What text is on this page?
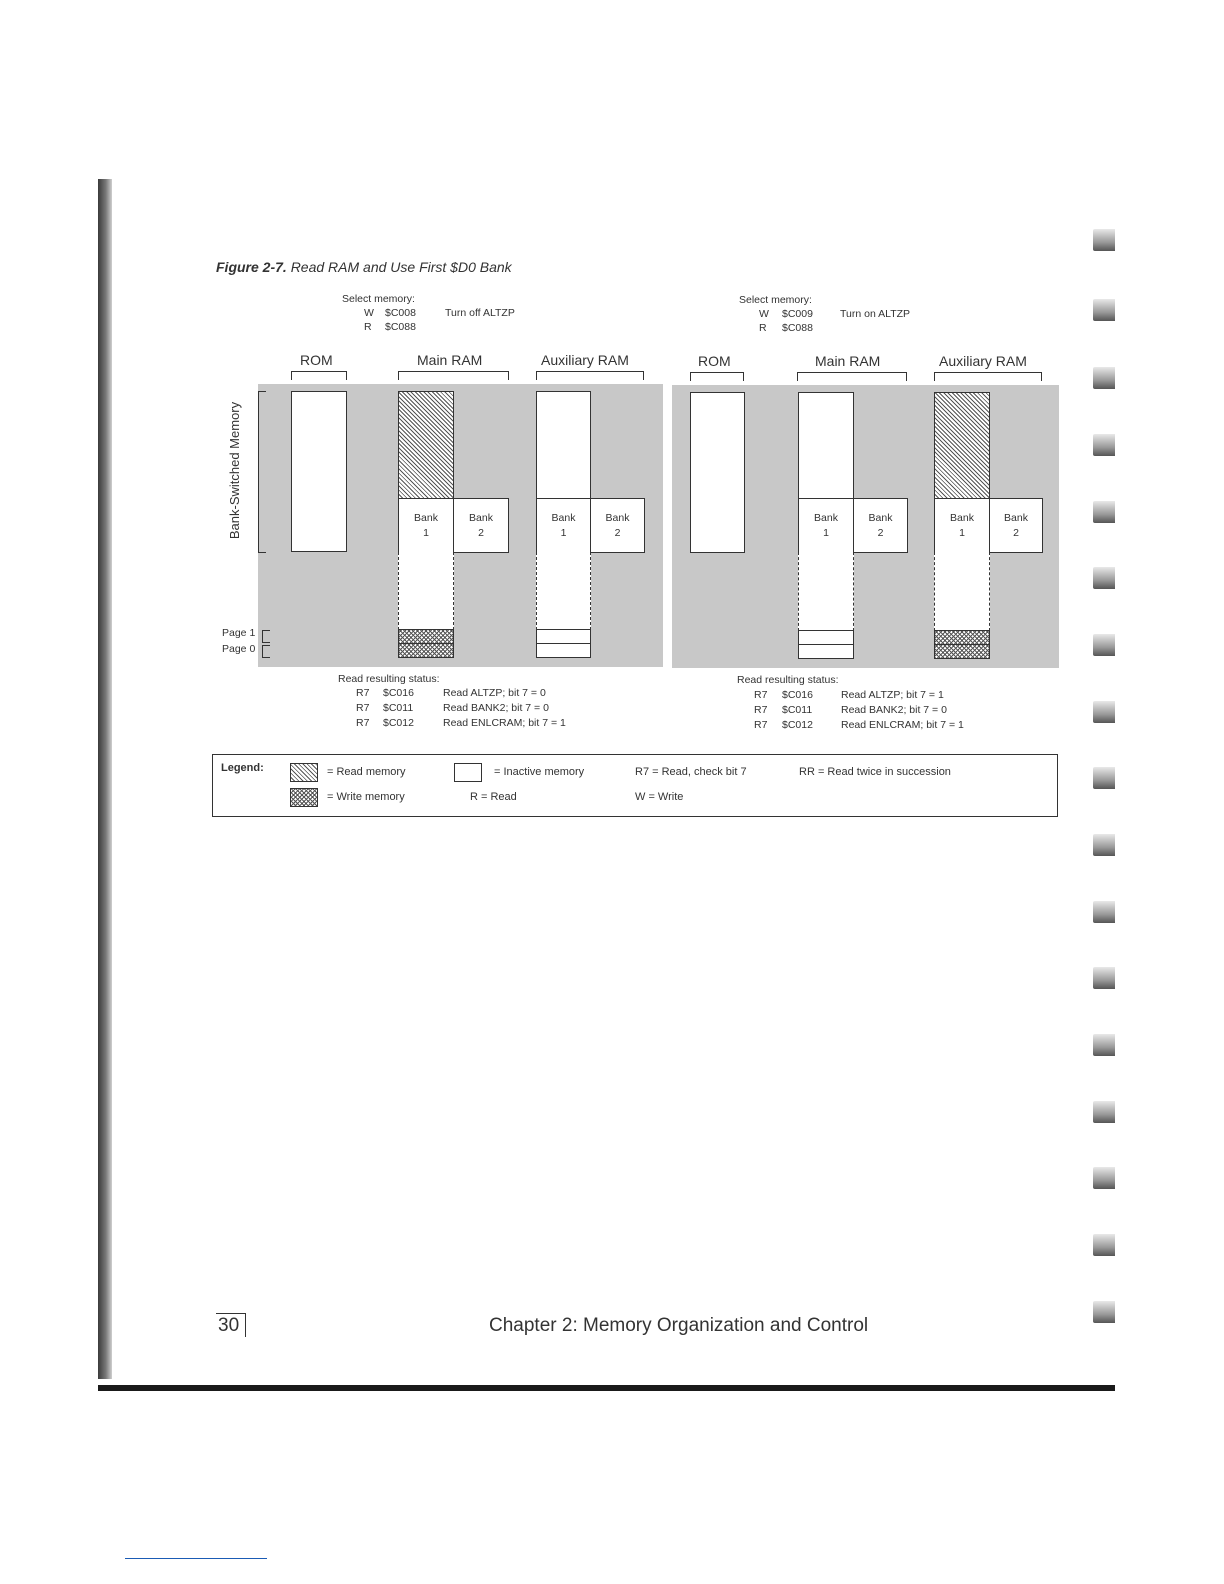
Figure 2-7. Read RAM and Use First $D0 Bank
Select memory:
W $C008	Turn off ALTZP
R $C088
ROM	Main RAM	Auxiliary RAM
Bank
1
Bank
2
Bank
1
Bank
2
Bank-Switched Memory
Page 1
Page 0
Read resulting status:
R7 $C016	Read ALTZP; bit 7 = 0
R7 $C011	Read BANK2; bit 7 = 0
R7 $C012	Read ENLCRAM; bit 7 = 1
Select memory:
W $C009	Turn on ALTZP
R $C088
ROM	Main RAM	Auxiliary RAM
Bank
1
Bank
2
Bank
1
Bank
2
Read resulting status:
R7 $C016	Read ALTZP; bit 7 = 1
R7 $C011	Read BANK2; bit 7 = 0
R7 $C012	Read ENLCRAM; bit 7 = 1
Legend:	= Read memory
= Write memory
= Inactive memory
R = Read
R7 = Read, check bit 7
W = Write
RR = Read twice in succession
30	Chapter 2: Memory Organization and Control
